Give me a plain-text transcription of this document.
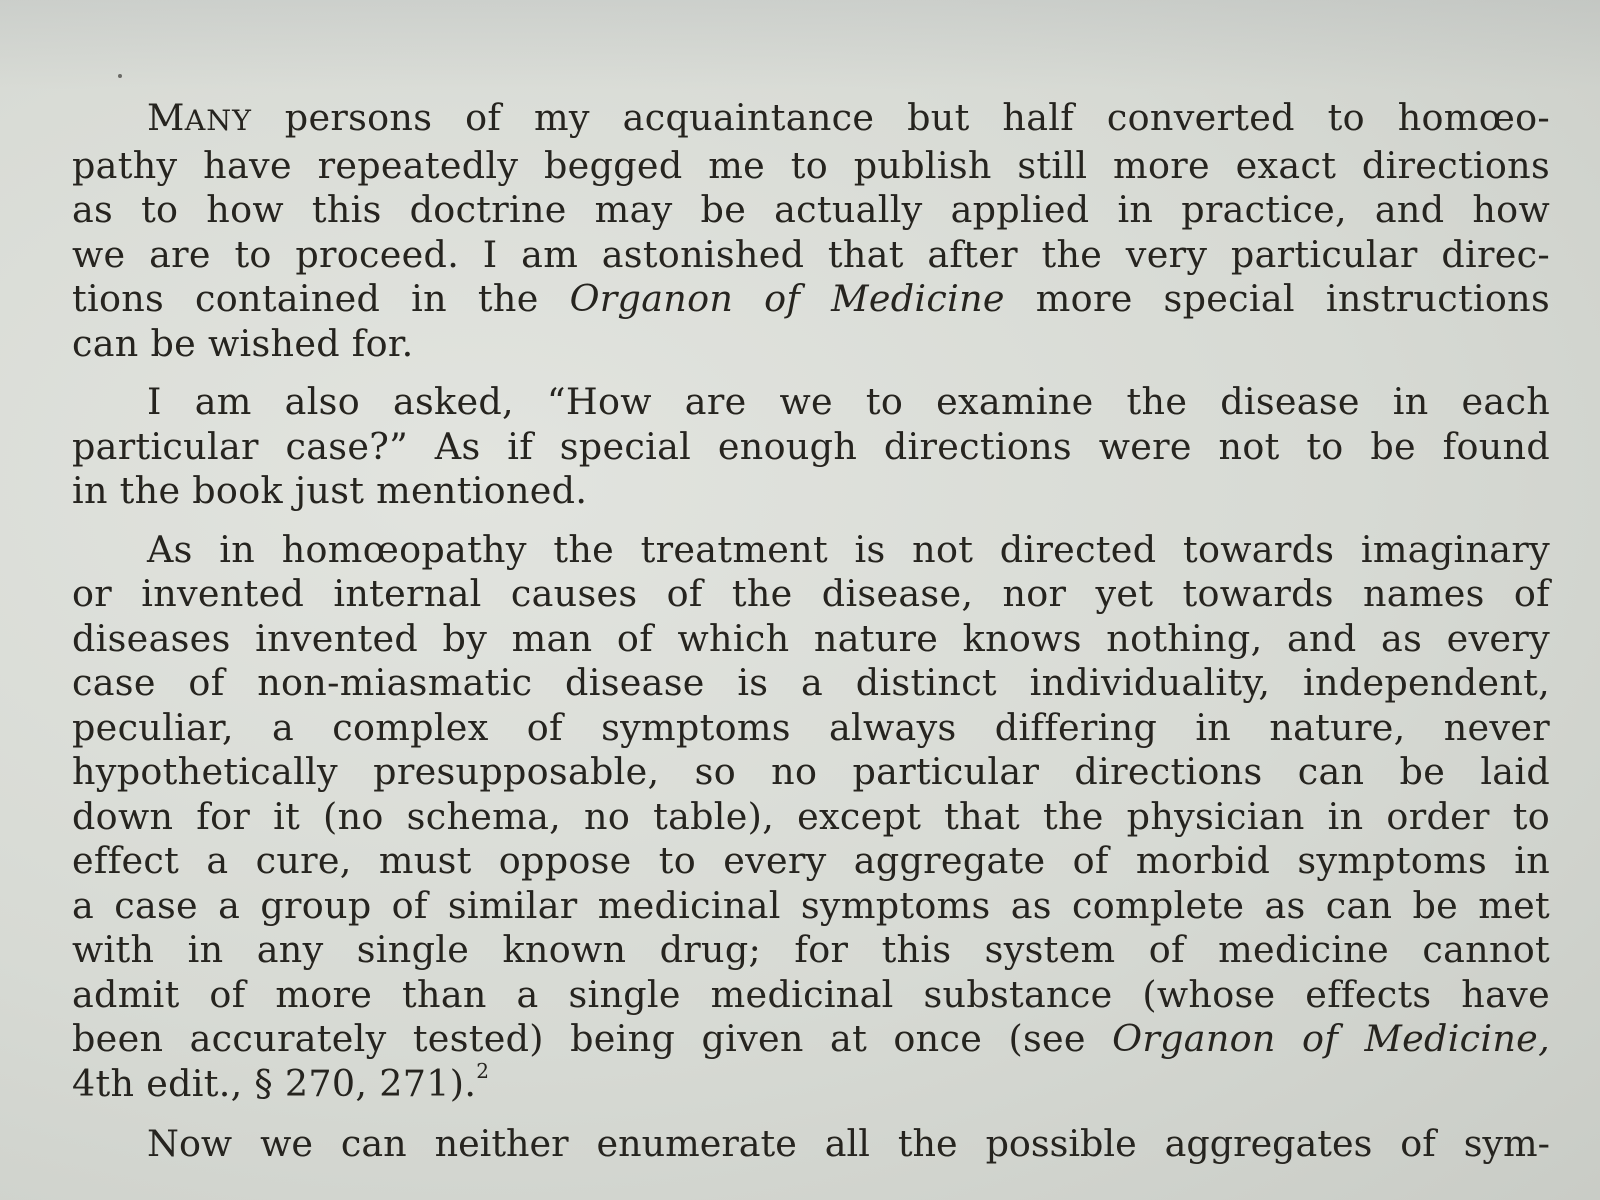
MANY persons of my acquaintance but half converted to homœo-
pathy have repeatedly begged me to publish still more exact directions
as to how this doctrine may be actually applied in practice, and how
we are to proceed. I am astonished that after the very particular direc-
tions contained in the Organon of Medicine more special instructions
can be wished for.
I am also asked, “How are we to examine the disease in each
particular case?” As if special enough directions were not to be found
in the book just mentioned.
As in homœopathy the treatment is not directed towards imaginary
or invented internal causes of the disease, nor yet towards names of
diseases invented by man of which nature knows nothing, and as every
case of non-miasmatic disease is a distinct individuality, independent,
peculiar, a complex of symptoms always differing in nature, never
hypothetically presupposable, so no particular directions can be laid
down for it (no schema, no table), except that the physician in order to
effect a cure, must oppose to every aggregate of morbid symptoms in
a case a group of similar medicinal symptoms as complete as can be met
with in any single known drug; for this system of medicine cannot
admit of more than a single medicinal substance (whose effects have
been accurately tested) being given at once (see Organon of Medicine,
4th edit., § 270, 271).$^2$
Now we can neither enumerate all the possible aggregates of sym-
